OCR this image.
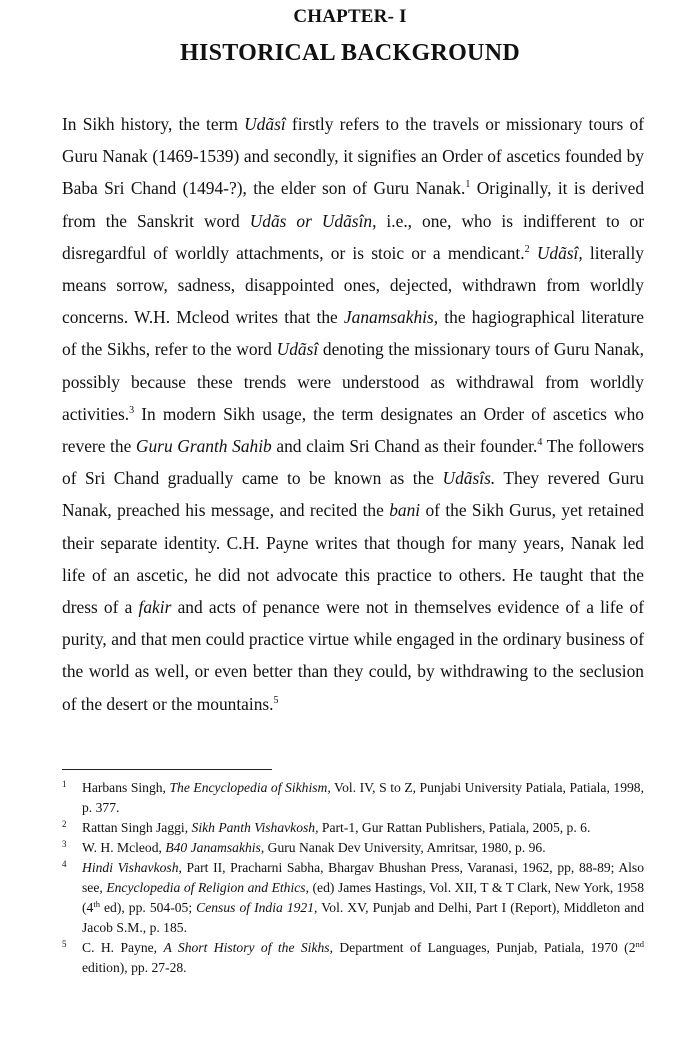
CHAPTER- I
HISTORICAL BACKGROUND

In Sikh history, the term Udãsî firstly refers to the travels or missionary tours of Guru Nanak (1469-1539) and secondly, it signifies an Order of ascetics founded by Baba Sri Chand (1494-?), the elder son of Guru Nanak.$^1$ Originally, it is derived from the Sanskrit word Udãs or Udãsîn, i.e., one, who is indifferent to or disregardful of worldly attachments, or is stoic or a mendicant.$^2$ Udãsî, literally means sorrow, sadness, disappointed ones, dejected, withdrawn from worldly concerns. W.H. Mcleod writes that the Janamsakhis, the hagiographical literature of the Sikhs, refer to the word Udãsî denoting the missionary tours of Guru Nanak, possibly because these trends were understood as withdrawal from worldly activities.$^3$ In modern Sikh usage, the term designates an Order of ascetics who revere the Guru Granth Sahib and claim Sri Chand as their founder.$^4$ The followers of Sri Chand gradually came to be known as the Udãsîs. They revered Guru Nanak, preached his message, and recited the bani of the Sikh Gurus, yet retained their separate identity. C.H. Payne writes that though for many years, Nanak led life of an ascetic, he did not advocate this practice to others. He taught that the dress of a fakir and acts of penance were not in themselves evidence of a life of purity, and that men could practice virtue while engaged in the ordinary business of the world as well, or even better than they could, by withdrawing to the seclusion of the desert or the mountains.$^5$

1 Harbans Singh, The Encyclopedia of Sikhism, Vol. IV, S to Z, Punjabi University Patiala, Patiala, 1998, p. 377.
2 Rattan Singh Jaggi, Sikh Panth Vishavkosh, Part-1, Gur Rattan Publishers, Patiala, 2005, p. 6.
3 W. H. Mcleod, B40 Janamsakhis, Guru Nanak Dev University, Amritsar, 1980, p. 96.
4 Hindi Vishavkosh, Part II, Pracharni Sabha, Bhargav Bhushan Press, Varanasi, 1962, pp, 88-89; Also see, Encyclopedia of Religion and Ethics, (ed) James Hastings, Vol. XII, T & T Clark, New York, 1958 (4th ed), pp. 504-05; Census of India 1921, Vol. XV, Punjab and Delhi, Part I (Report), Middleton and Jacob S.M., p. 185.
5 C. H. Payne, A Short History of the Sikhs, Department of Languages, Punjab, Patiala, 1970 (2nd edition), pp. 27-28.
